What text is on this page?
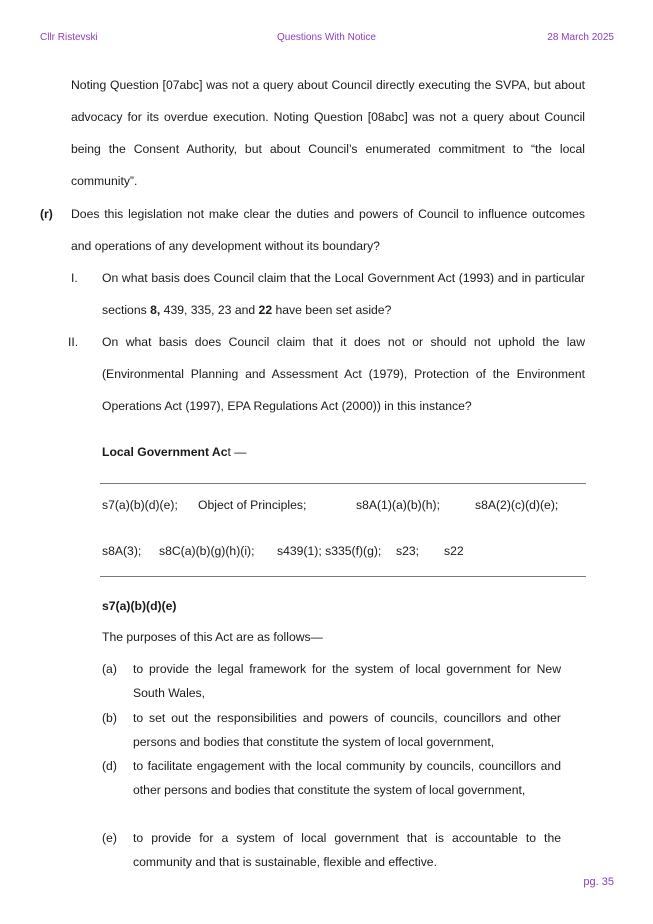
Cllr Ristevski	Questions With Notice	28 March 2025
Noting Question [07abc] was not a query about Council directly executing the SVPA, but about advocacy for its overdue execution. Noting Question [08abc] was not a query about Council being the Consent Authority, but about Council’s enumerated commitment to “the local community”.
(r) Does this legislation not make clear the duties and powers of Council to influence outcomes and operations of any development without its boundary?
I. On what basis does Council claim that the Local Government Act (1993) and in particular sections 8, 439, 335, 23 and 22 have been set aside?
II. On what basis does Council claim that it does not or should not uphold the law (Environmental Planning and Assessment Act (1979), Protection of the Environment Operations Act (1997), EPA Regulations Act (2000)) in this instance?
Local Government Act —
s7(a)(b)(d)(e); Object of Principles;	s8A(1)(a)(b)(h);	s8A(2)(c)(d)(e);
s8A(3); s8C(a)(b)(g)(h)(i); s439(1); s335(f)(g); s23; s22
s7(a)(b)(d)(e)
The purposes of this Act are as follows—
(a) to provide the legal framework for the system of local government for New South Wales,
(b) to set out the responsibilities and powers of councils, councillors and other persons and bodies that constitute the system of local government,
(d) to facilitate engagement with the local community by councils, councillors and other persons and bodies that constitute the system of local government,
(e) to provide for a system of local government that is accountable to the community and that is sustainable, flexible and effective.
pg. 35
